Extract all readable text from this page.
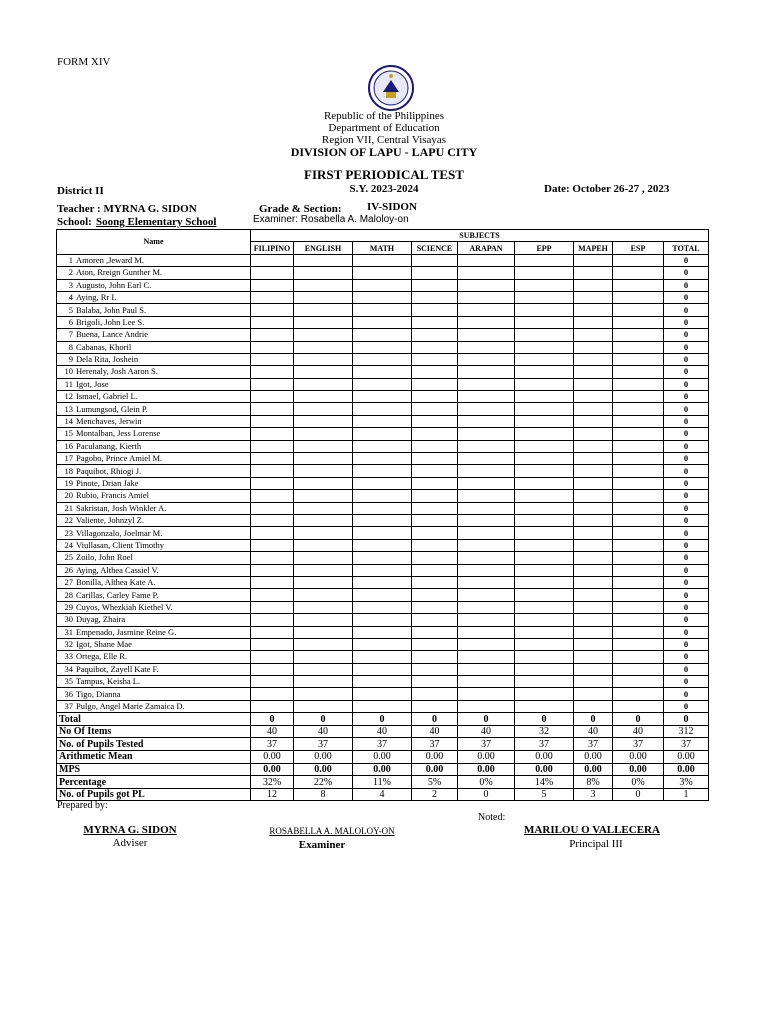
FORM XIV
Republic of the Philippines
Department of Education
Region VII, Central Visayas
DIVISION OF LAPU - LAPU CITY
FIRST PERIODICAL TEST
S.Y. 2023-2024
District II	Date: October 26-27 , 2023
Teacher : MYRNA G. SIDON	Grade & Section: IV-SIDON
Examiner: Rosabella A. Maloloy-on
School: Soong Elementary School
Name	SUBJECTS								
	FILIPINO	ENGLISH	MATH	SCIENCE	ARAPAN	EPP	MAPEH	ESP	TOTAL
1 Amoren ,Jeward M.									0
2 Aton, Rreign Gunther M.									0
3 Augusto, John Earl C.									0
4 Aying, Rr I.									0
5 Balaba, John Paul S.									0
6 Brigoli, John Lee S.									0
7 Buena, Lance Andrie									0
8 Cabanas, Khoril									0
9 Dela Rita, Joshein									0
10 Herenaly, Josh Aaron S.									0
11 Igot, Jose									0
12 Ismael, Gabriel L.									0
13 Lumungsod, Glein P.									0
14 Menchaves, Jerwin									0
15 Montalban, Jess Lorense									0
16 Paculanang, Kierth									0
17 Pagobo, Prince Amiel M.									0
18 Paquibot, Rhiogi J.									0
19 Pinote, Drian Jake									0
20 Rubio, Francis Amiel									0
21 Sakristan, Josh Winkler A.									0
22 Valiente, Johnzyl Z.									0
23 Villagonzalo, Joelmar M.									0
24 Viullasan, Client Timothy									0
25 Zoilo, John Roel									0
26 Aying, Althea Cassiel V.									0
27 Bonilla, Althea Kate A.									0
28 Carillas, Carley Fame P.									0
29 Cuyos, Whezkiah Kiethel V.									0
30 Duyag, Zhaira									0
31 Empenado, Jasmine Reine G.									0
32 Igot, Shane Mae									0
33 Ortega, Elle R.									0
34 Paquibot, Zayell Kate F.									0
35 Tampus, Keisha L.									0
36 Tigo, Dianna									0
37 Pulgo, Angel Marie Zamaica D.									0
Total	0	0	0	0	0	0	0	0	0
No Of Items	40	40	40	40	40	32	40	40	312
No. of Pupils Tested	37	37	37	37	37	37	37	37	37
Arithmetic Mean	0.00	0.00	0.00	0.00	0.00	0.00	0.00	0.00	0.00
MPS	0.00	0.00	0.00	0.00	0.00	0.00	0.00	0.00	0.00
Percentage	32%	22%	11%	5%	0%	14%	8%	0%	3%
No. of Pupils got PL	12	8	4	2	0	5	3	0	1
Prepared by:
Noted:
MYRNA G. SIDON
Adviser
ROSABELLA A. MALOLOY-ON
Examiner
MARILOU O VALLECERA
Principal III
